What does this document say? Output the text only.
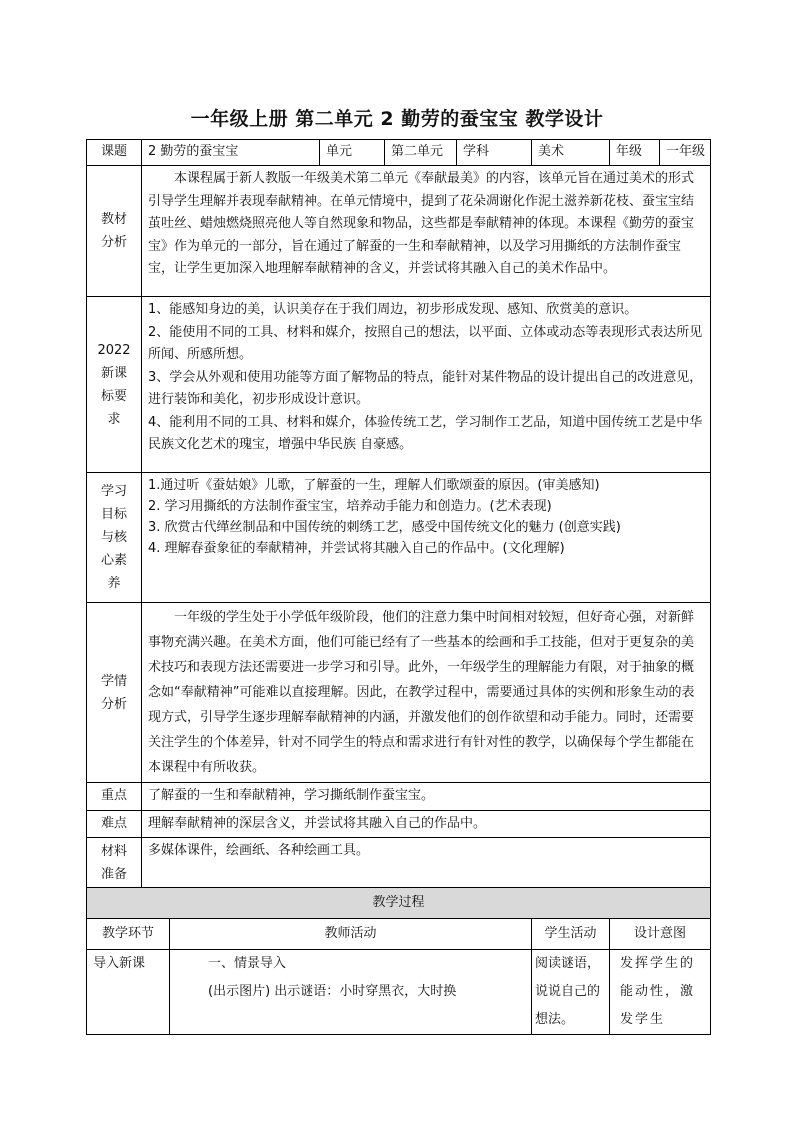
一年级上册 第二单元 2 勤劳的蚕宝宝 教学设计
课题	2 勤劳的蚕宝宝		单元	第二单元	学科	美术	年级	一年级

教材分析	本课程属于新人教版一年级美术第二单元《奉献最美》的内容，该单元旨在通过美术的形式引导学生理解并表现奉献精神。在单元情境中，提到了花朵凋谢化作泥土滋养新花枝、蚕宝宝结茧吐丝、蜡烛燃烧照亮他人等自然现象和物品，这些都是奉献精神的体现。本课程《勤劳的蚕宝宝》作为单元的一部分，旨在通过了解蚕的一生和奉献精神，以及学习用撕纸的方法制作蚕宝宝，让学生更加深入地理解奉献精神的含义，并尝试将其融入自己的美术作品中。							

2022新课标要求	1、能感知身边的美，认识美存在于我们周边，初步形成发现、感知、欣赏美的意识。
2、能使用不同的工具、材料和媒介，按照自己的想法，以平面、立体或动态等表现形式表达所见所闻、所感所想。
3、学会从外观和使用功能等方面了解物品的特点，能针对某件物品的设计提出自己的改进意见，进行装饰和美化，初步形成设计意识。
4、能利用不同的工具、材料和媒介，体验传统工艺，学习制作工艺品，知道中国传统工艺是中华民族文化艺术的瑰宝，增强中华民族 自豪感。							

学习目标与核心素养	1.通过听《蚕姑娘》儿歌，了解蚕的一生，理解人们歌颂蚕的原因。(审美感知)
2. 学习用撕纸的方法制作蚕宝宝，培养动手能力和创造力。(艺术表现)
3. 欣赏古代缂丝制品和中国传统的刺绣工艺，感受中国传统文化的魅力 (创意实践)
4. 理解春蚕象征的奉献精神，并尝试将其融入自己的作品中。(文化理解)							

学情分析	一年级的学生处于小学低年级阶段，他们的注意力集中时间相对较短，但好奇心强，对新鲜事物充满兴趣。在美术方面，他们可能已经有了一些基本的绘画和手工技能，但对于更复杂的美术技巧和表现方法还需要进一步学习和引导。此外，一年级学生的理解能力有限，对于抽象的概念如“奉献精神”可能难以直接理解。因此，在教学过程中，需要通过具体的实例和形象生动的表现方式，引导学生逐步理解奉献精神的内涵，并激发他们的创作欲望和动手能力。同时，还需要关注学生的个体差异，针对不同学生的特点和需求进行有针对性的教学，以确保每个学生都能在本课程中有所收获。							

重点	了解蚕的一生和奉献精神，学习撕纸制作蚕宝宝。							
难点	理解奉献精神的深层含义，并尝试将其融入自己的作品中。							

材料准备	多媒体课件，绘画纸、各种绘画工具。							
教学过程								
教学环节		教师活动				学生活动	设计意图	
导入新课		一、情景导入
(出示图片) 出示谜语：小时穿黑衣，大时换				阅读谜语，说说自己的想法。	发挥学生的能动性，激发学生	
